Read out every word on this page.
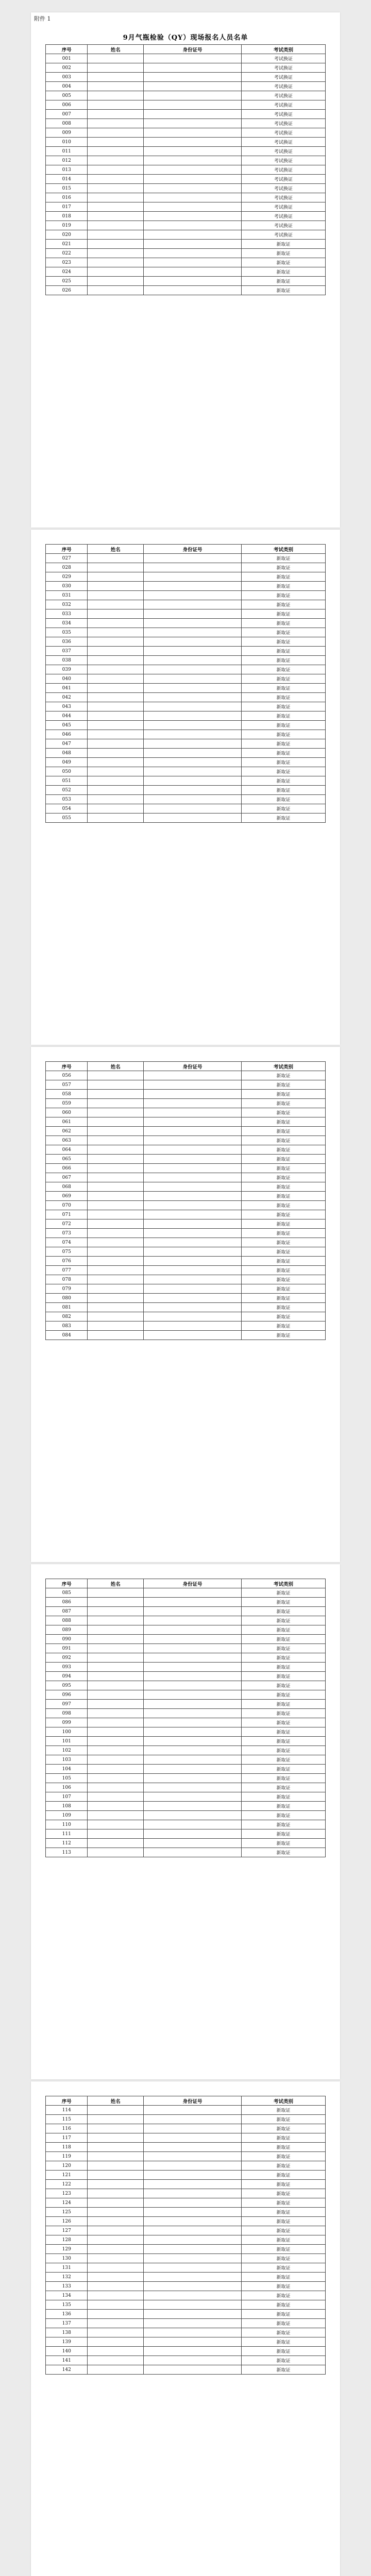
附件 1
9月气瓶检验（QY）现场报名人员名单
序号	姓名	身份证号	考试类别
001			考试换证
002			考试换证
003			考试换证
004			考试换证
005			考试换证
006			考试换证
007			考试换证
008			考试换证
009			考试换证
010			考试换证
011			考试换证
012			考试换证
013			考试换证
014			考试换证
015			考试换证
016			考试换证
017			考试换证
018			考试换证
019			考试换证
020			考试换证
021			新取证
022			新取证
023			新取证
024			新取证
025			新取证
026			新取证
序号	姓名	身份证号	考试类别
027			新取证
028			新取证
029			新取证
030			新取证
031			新取证
032			新取证
033			新取证
034			新取证
035			新取证
036			新取证
037			新取证
038			新取证
039			新取证
040			新取证
041			新取证
042			新取证
043			新取证
044			新取证
045			新取证
046			新取证
047			新取证
048			新取证
049			新取证
050			新取证
051			新取证
052			新取证
053			新取证
054			新取证
055			新取证
序号	姓名	身份证号	考试类别
056			新取证
057			新取证
058			新取证
059			新取证
060			新取证
061			新取证
062			新取证
063			新取证
064			新取证
065			新取证
066			新取证
067			新取证
068			新取证
069			新取证
070			新取证
071			新取证
072			新取证
073			新取证
074			新取证
075			新取证
076			新取证
077			新取证
078			新取证
079			新取证
080			新取证
081			新取证
082			新取证
083			新取证
084			新取证
序号	姓名	身份证号	考试类别
085			新取证
086			新取证
087			新取证
088			新取证
089			新取证
090			新取证
091			新取证
092			新取证
093			新取证
094			新取证
095			新取证
096			新取证
097			新取证
098			新取证
099			新取证
100			新取证
101			新取证
102			新取证
103			新取证
104			新取证
105			新取证
106			新取证
107			新取证
108			新取证
109			新取证
110			新取证
111			新取证
112			新取证
113			新取证
序号	姓名	身份证号	考试类别
114			新取证
115			新取证
116			新取证
117			新取证
118			新取证
119			新取证
120			新取证
121			新取证
122			新取证
123			新取证
124			新取证
125			新取证
126			新取证
127			新取证
128			新取证
129			新取证
130			新取证
131			新取证
132			新取证
133			新取证
134			新取证
135			新取证
136			新取证
137			新取证
138			新取证
139			新取证
140			新取证
141			新取证
142			新取证
